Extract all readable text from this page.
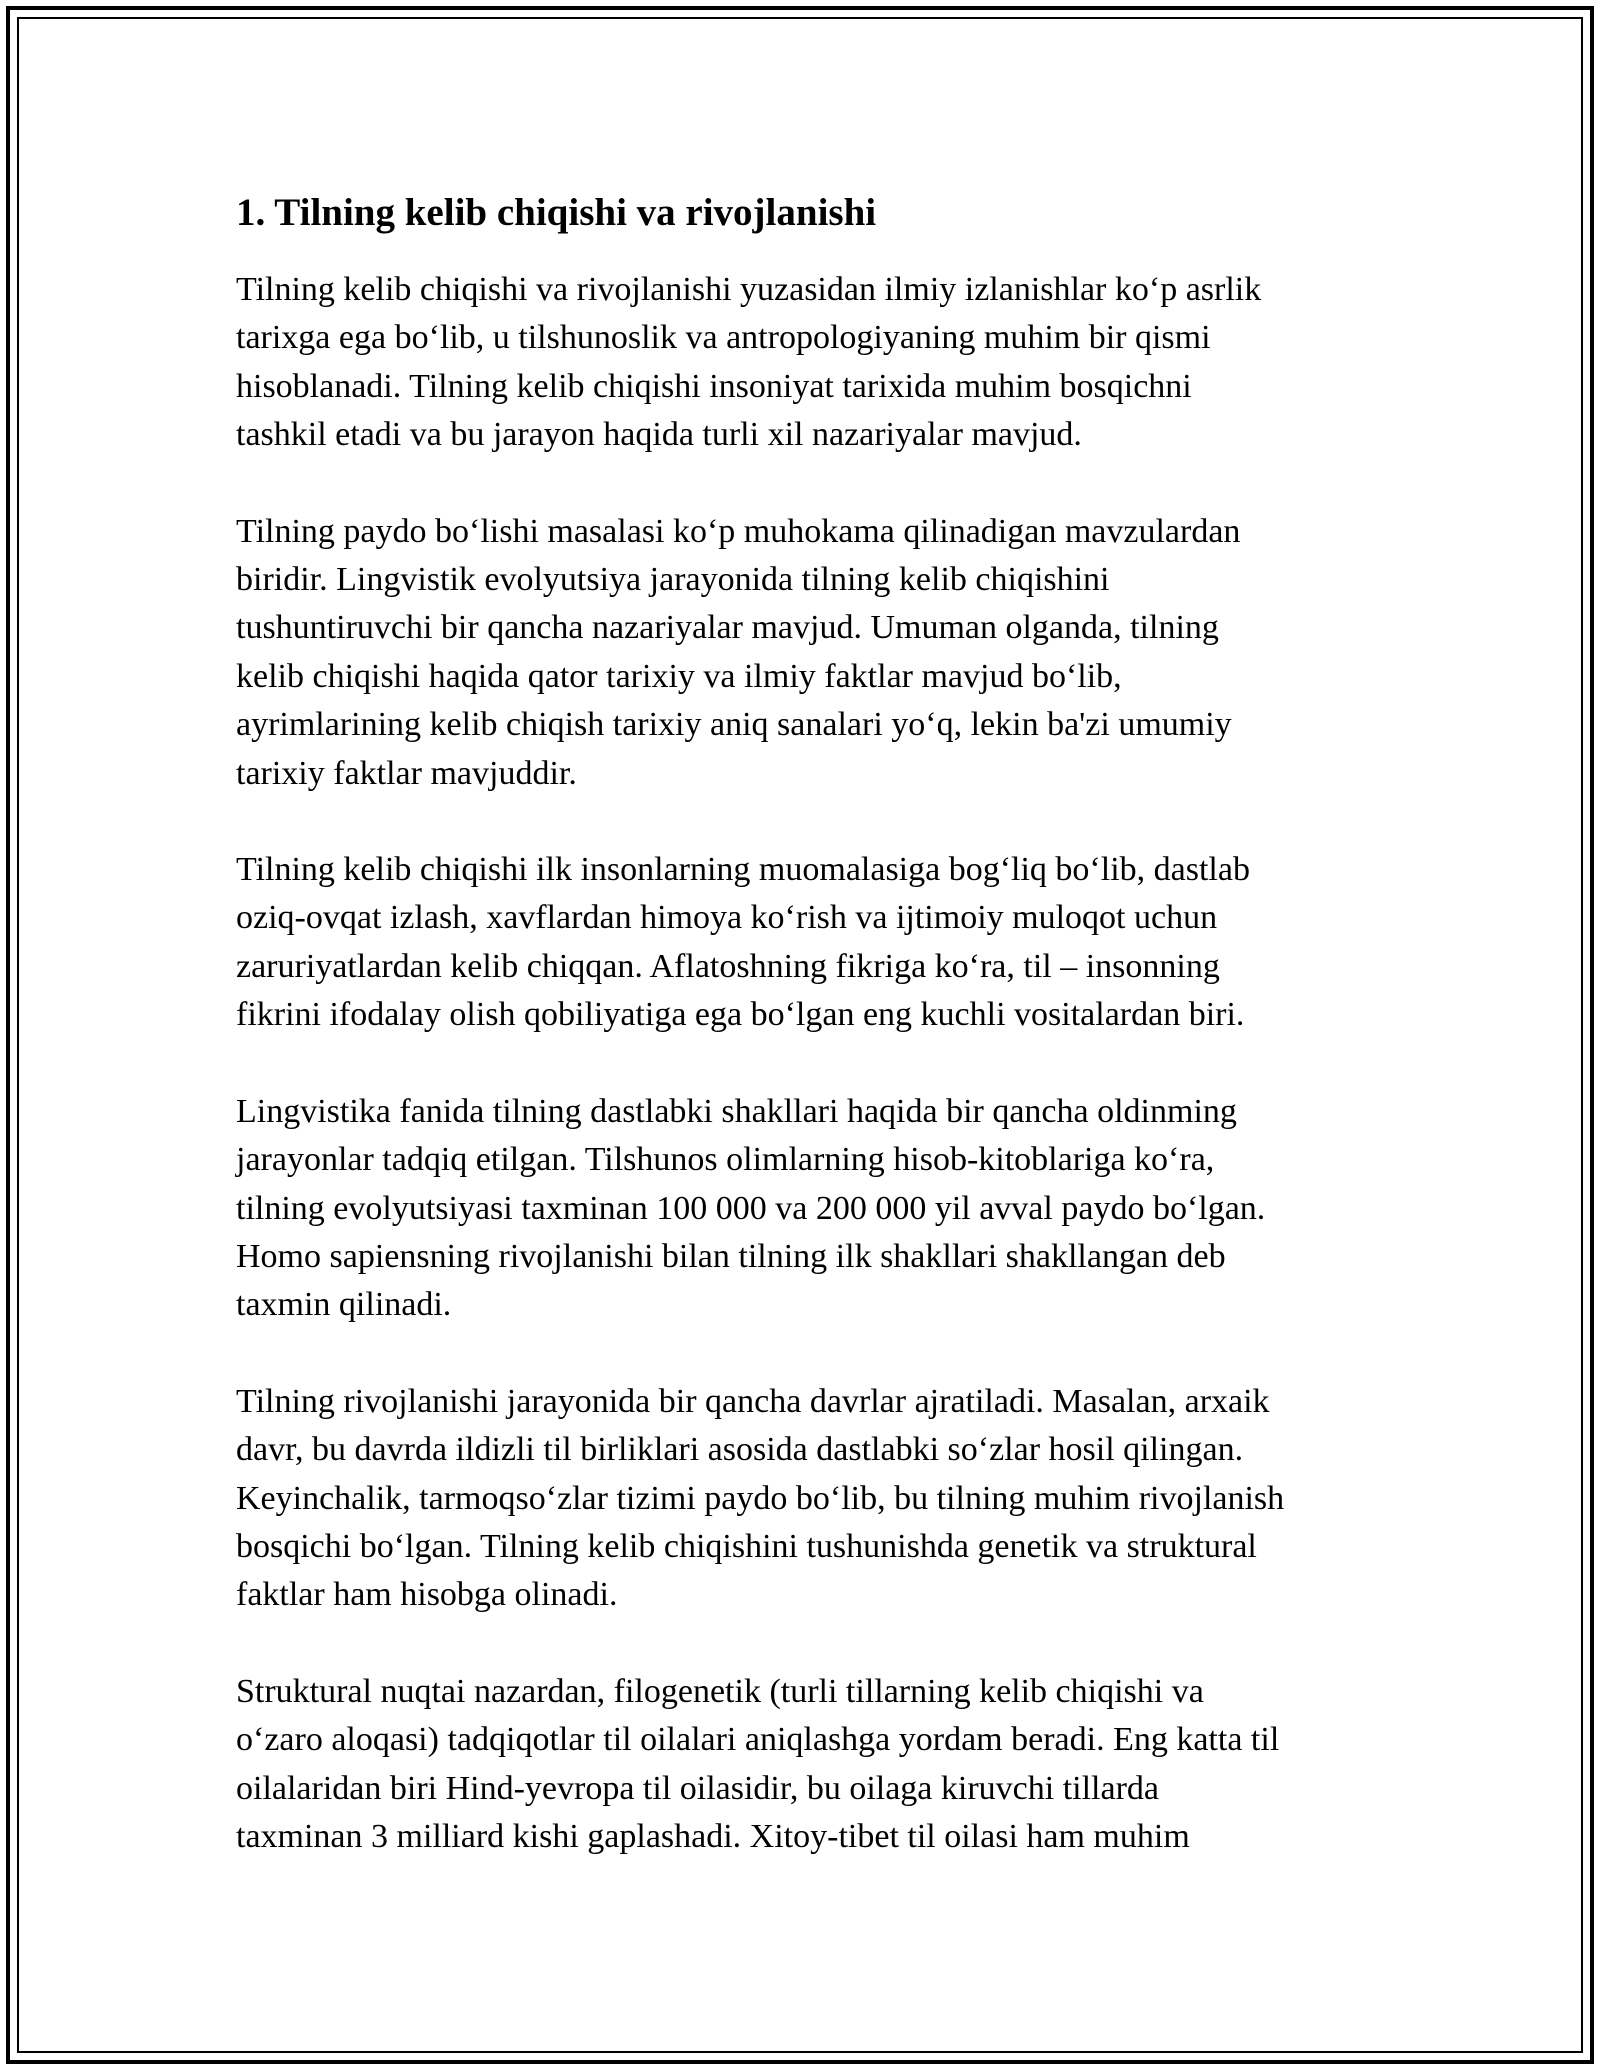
1. Tilning kelib chiqishi va rivojlanishi

Tilning kelib chiqishi va rivojlanishi yuzasidan ilmiy izlanishlar ko‘p asrlik
tarixga ega bo‘lib, u tilshunoslik va antropologiyaning muhim bir qismi
hisoblanadi. Tilning kelib chiqishi insoniyat tarixida muhim bosqichni
tashkil etadi va bu jarayon haqida turli xil nazariyalar mavjud.

Tilning paydo bo‘lishi masalasi ko‘p muhokama qilinadigan mavzulardan
biridir. Lingvistik evolyutsiya jarayonida tilning kelib chiqishini
tushuntiruvchi bir qancha nazariyalar mavjud. Umuman olganda, tilning
kelib chiqishi haqida qator tarixiy va ilmiy faktlar mavjud bo‘lib,
ayrimlarining kelib chiqish tarixiy aniq sanalari yo‘q, lekin ba'zi umumiy
tarixiy faktlar mavjuddir.

Tilning kelib chiqishi ilk insonlarning muomalasiga bog‘liq bo‘lib, dastlab
oziq-ovqat izlash, xavflardan himoya ko‘rish va ijtimoiy muloqot uchun
zaruriyatlardan kelib chiqqan. Aflatoshning fikriga ko‘ra, til – insonning
fikrini ifodalay olish qobiliyatiga ega bo‘lgan eng kuchli vositalardan biri.

Lingvistika fanida tilning dastlabki shakllari haqida bir qancha oldinming
jarayonlar tadqiq etilgan. Tilshunos olimlarning hisob-kitoblariga ko‘ra,
tilning evolyutsiyasi taxminan 100 000 va 200 000 yil avval paydo bo‘lgan.
Homo sapiensning rivojlanishi bilan tilning ilk shakllari shakllangan deb
taxmin qilinadi.

Tilning rivojlanishi jarayonida bir qancha davrlar ajratiladi. Masalan, arxaik
davr, bu davrda ildizli til birliklari asosida dastlabki so‘zlar hosil qilingan.
Keyinchalik, tarmoqso‘zlar tizimi paydo bo‘lib, bu tilning muhim rivojlanish
bosqichi bo‘lgan. Tilning kelib chiqishini tushunishda genetik va struktural
faktlar ham hisobga olinadi.

Struktural nuqtai nazardan, filogenetik (turli tillarning kelib chiqishi va
o‘zaro aloqasi) tadqiqotlar til oilalari aniqlashga yordam beradi. Eng katta til
oilalaridan biri Hind-yevropa til oilasidir, bu oilaga kiruvchi tillarda
taxminan 3 milliard kishi gaplashadi. Xitoy-tibet til oilasi ham muhim
